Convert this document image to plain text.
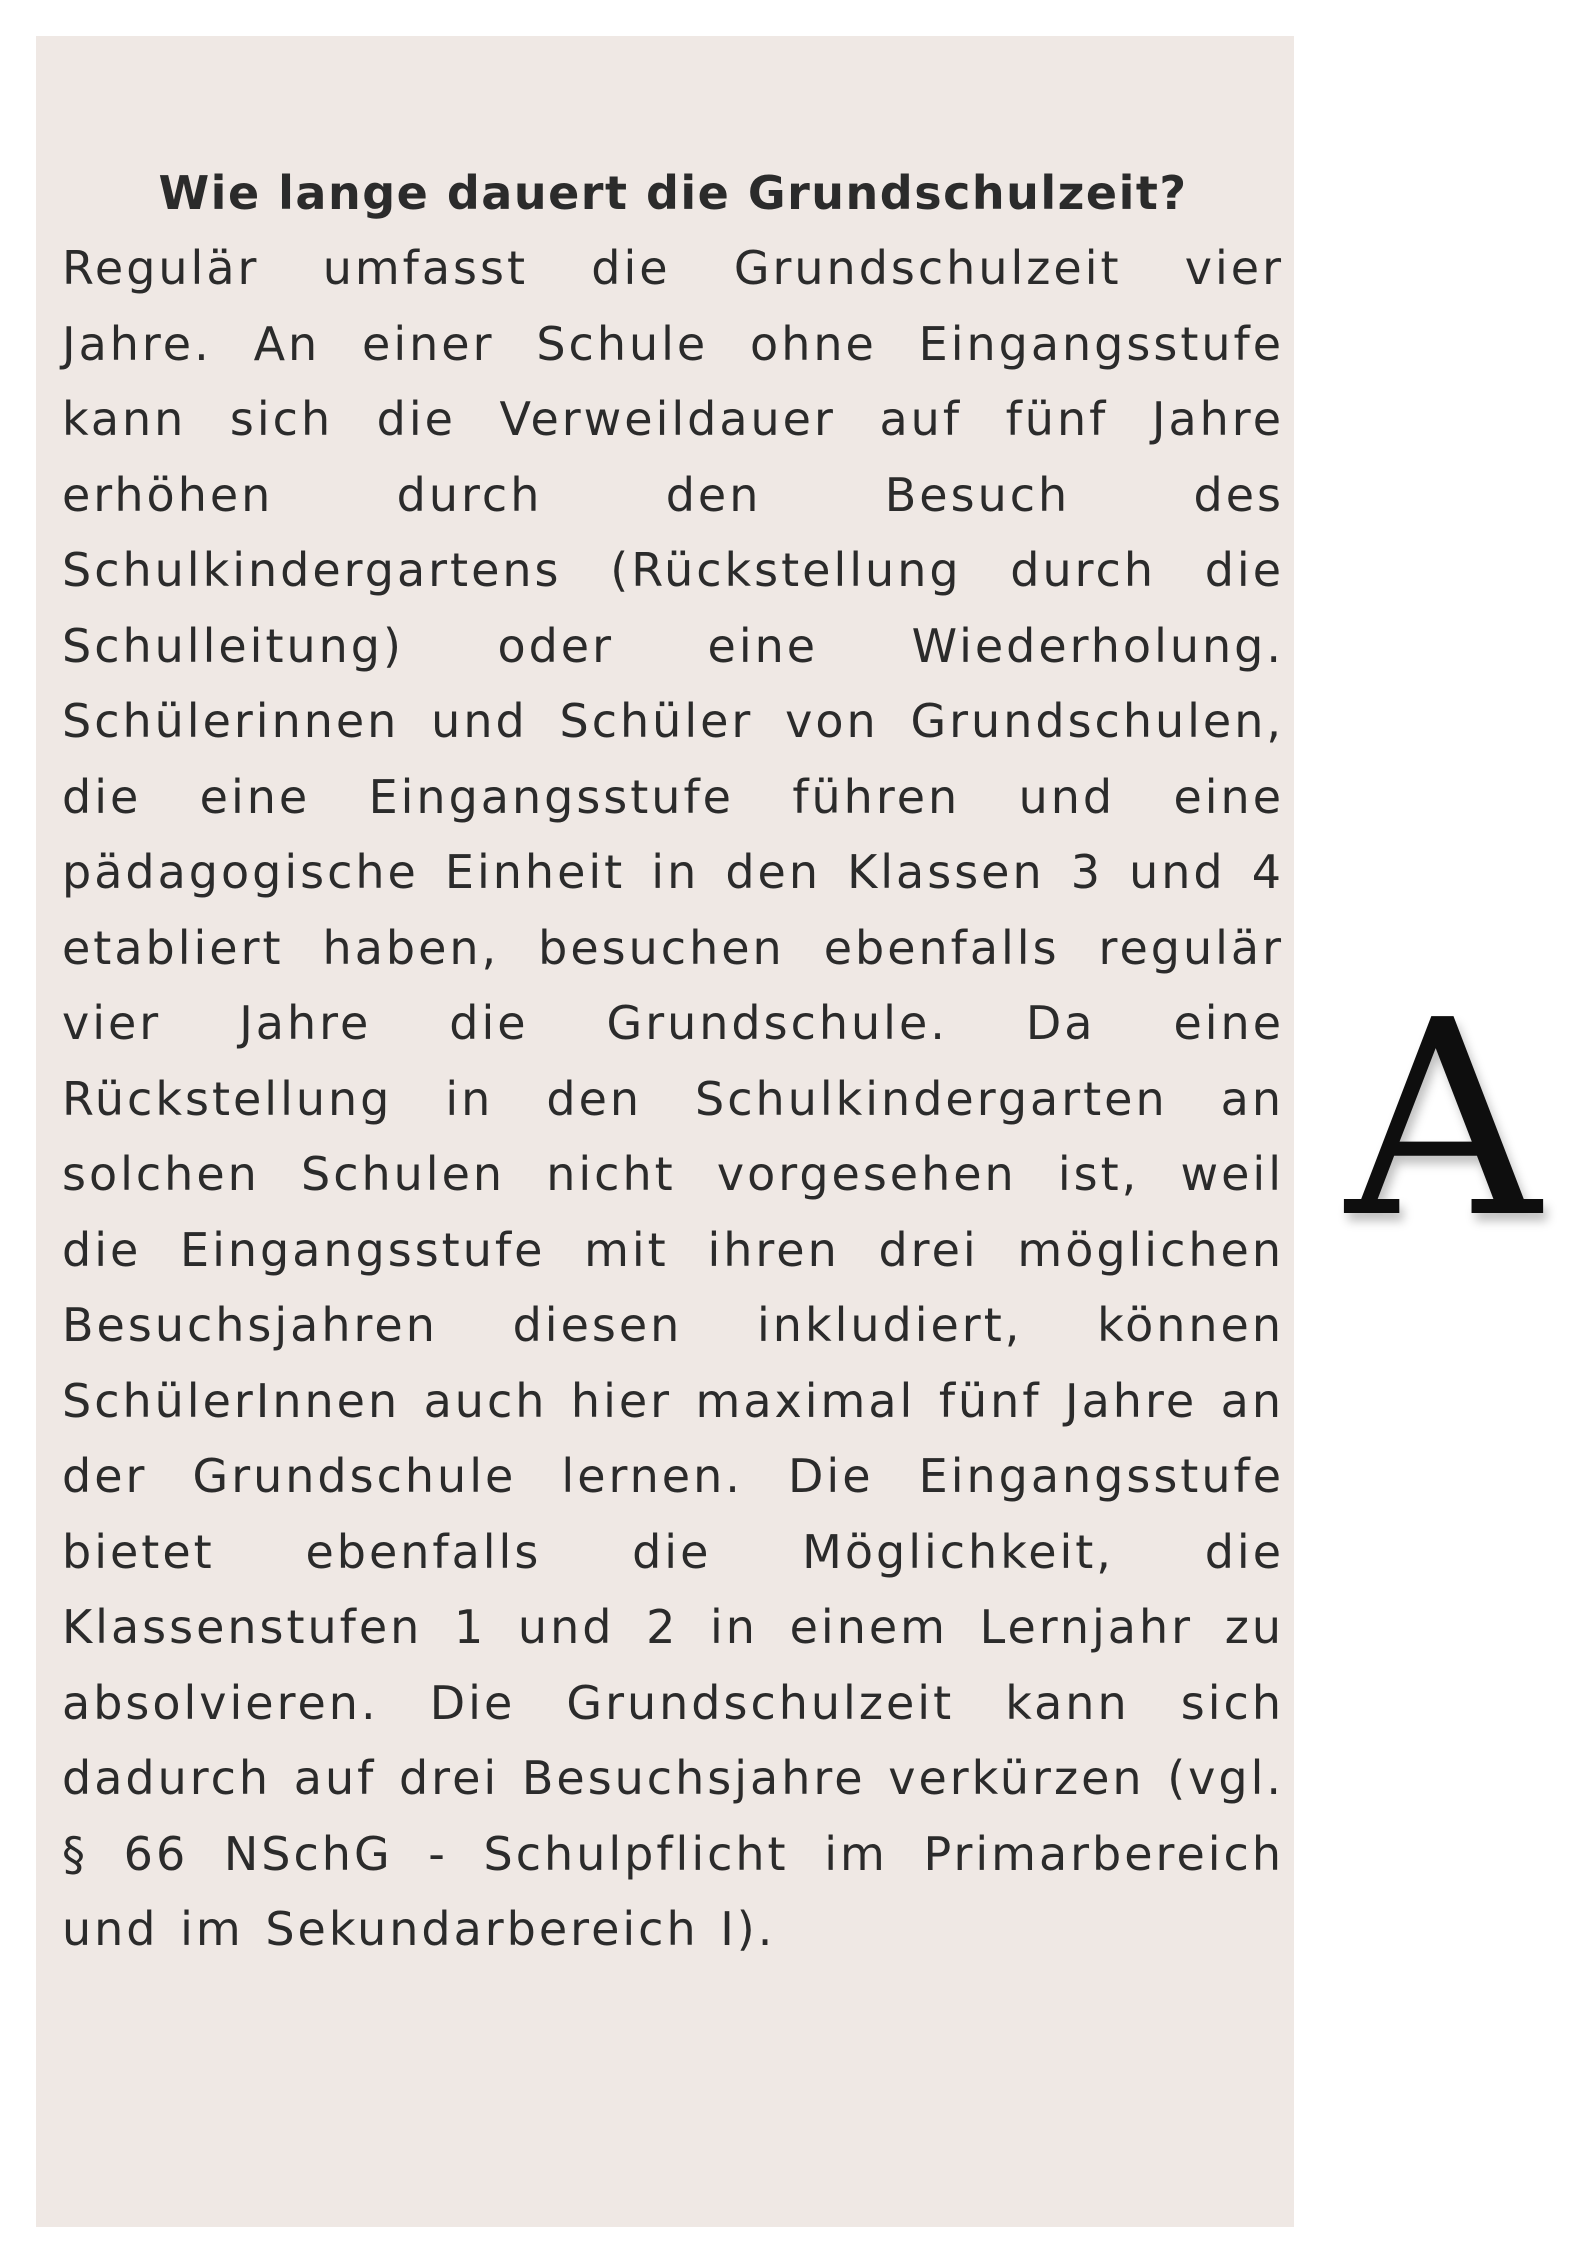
Wie lange dauert die Grundschulzeit?

Regulär umfasst die Grundschulzeit vier Jahre. An einer Schule ohne Eingangsstufe kann sich die Verweildauer auf fünf Jahre erhöhen durch den Besuch des Schulkindergartens (Rückstellung durch die Schulleitung) oder eine Wiederholung. Schülerinnen und Schüler von Grundschulen, die eine Eingangsstufe führen und eine pädagogische Einheit in den Klassen 3 und 4 etabliert haben, besuchen ebenfalls regulär vier Jahre die Grundschule. Da eine Rückstellung in den Schulkindergarten an solchen Schulen nicht vorgesehen ist, weil die Eingangsstufe mit ihren drei möglichen Besuchsjahren diesen inkludiert, können SchülerInnen auch hier maximal fünf Jahre an der Grundschule lernen. Die Eingangsstufe bietet ebenfalls die Möglichkeit, die Klassenstufen 1 und 2 in einem Lernjahr zu absolvieren. Die Grundschulzeit kann sich dadurch auf drei Besuchsjahre verkürzen (vgl. § 66 NSchG - Schulpflicht im Primarbereich und im Sekundarbereich I).

A
